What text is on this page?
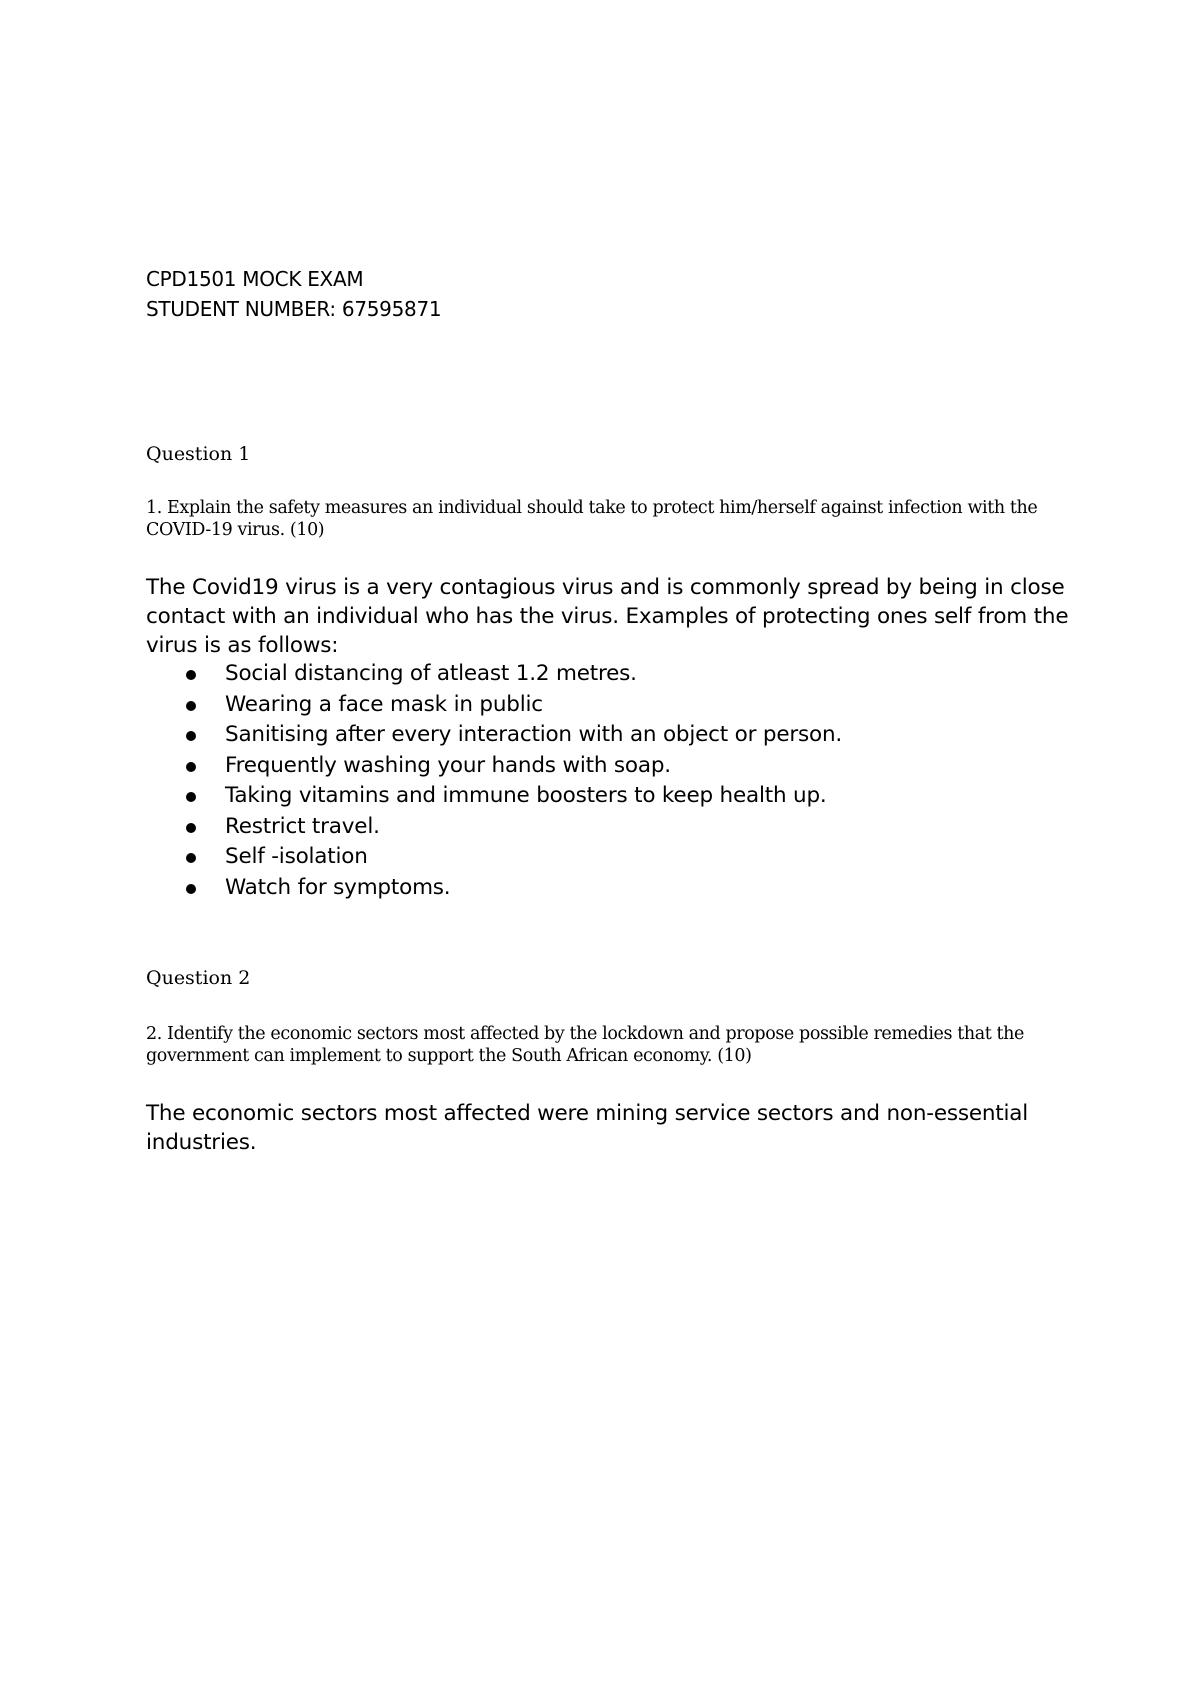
CPD1501 MOCK EXAM
STUDENT NUMBER: 67595871
Question 1
1. Explain the safety measures an individual should take to protect him/herself against infection with the COVID-19 virus. (10)
The Covid19 virus is a very contagious virus and is commonly spread by being in close contact with an individual who has the virus. Examples of protecting ones self from the virus is as follows:
Social distancing of atleast 1.2 metres.
Wearing a face mask in public
Sanitising after every interaction with an object or person.
Frequently washing your hands with soap.
Taking vitamins and immune boosters to keep health up.
Restrict travel.
Self -isolation
Watch for symptoms.
Question 2
2. Identify the economic sectors most affected by the lockdown and propose possible remedies that the government can implement to support the South African economy. (10)
The economic sectors most affected were mining service sectors and non-essential industries.
